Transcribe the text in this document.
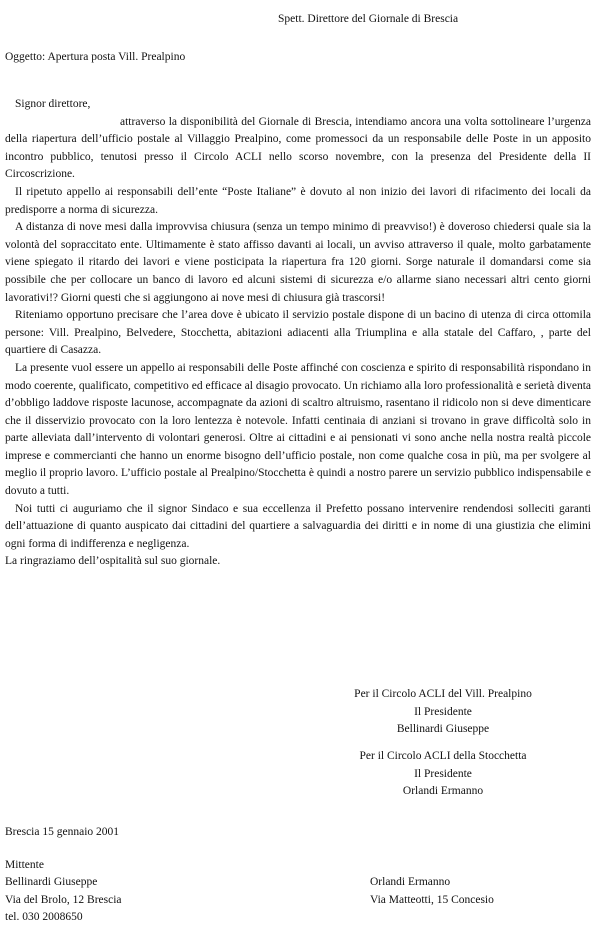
Spett. Direttore del Giornale di Brescia
Oggetto: Apertura posta Vill. Prealpino

Signor direttore,

attraverso la disponibilità del Giornale di Brescia, intendiamo ancora una volta sottolineare l’urgenza della riapertura dell’ufficio postale al Villaggio Prealpino, come promessoci da un responsabile delle Poste in un apposito incontro pubblico, tenutosi presso il Circolo ACLI nello scorso novembre, con la presenza del Presidente della II Circoscrizione.

Il ripetuto appello ai responsabili dell’ente “Poste Italiane” è dovuto al non inizio dei lavori di rifacimento dei locali da predisporre a norma di sicurezza.

A distanza di nove mesi dalla improvvisa chiusura (senza un tempo minimo di preavviso!) è doveroso chiedersi quale sia la volontà del sopraccitato ente. Ultimamente è stato affisso davanti ai locali, un avviso attraverso il quale, molto garbatamente viene spiegato il ritardo dei lavori e viene posticipata la riapertura fra 120 giorni. Sorge naturale il domandarsi come sia possibile che per collocare un banco di lavoro ed alcuni sistemi di sicurezza e/o allarme siano necessari altri cento giorni lavorativi!? Giorni questi che si aggiungono ai nove mesi di chiusura già trascorsi!

Riteniamo opportuno precisare che l’area dove è ubicato il servizio postale dispone di un bacino di utenza di circa ottomila persone: Vill. Prealpino, Belvedere, Stocchetta, abitazioni adiacenti alla Triumplina e alla statale del Caffaro, , parte del quartiere di Casazza.

La presente vuol essere un appello ai responsabili delle Poste affinché con coscienza e spirito di responsabilità rispondano in modo coerente, qualificato, competitivo ed efficace al disagio provocato. Un richiamo alla loro professionalità e serietà diventa d’obbligo laddove risposte lacunose, accompagnate da azioni di scaltro altruismo, rasentano il ridicolo non si deve dimenticare che il disservizio provocato con la loro lentezza è notevole. Infatti centinaia di anziani si trovano in grave difficoltà solo in parte alleviata dall’intervento di volontari generosi. Oltre ai cittadini e ai pensionati vi sono anche nella nostra realtà piccole imprese e commercianti che hanno un enorme bisogno dell’ufficio postale, non come qualche cosa in più, ma per svolgere al meglio il proprio lavoro. L’ufficio postale al Prealpino/Stocchetta è quindi a nostro parere un servizio pubblico indispensabile e dovuto a tutti.

Noi tutti ci auguriamo che il signor Sindaco e sua eccellenza il Prefetto possano intervenire rendendosi solleciti garanti dell’attuazione di quanto auspicato dai cittadini del quartiere a salvaguardia dei diritti e in nome di una giustizia che elimini ogni forma di indifferenza e negligenza.

La ringraziamo dell’ospitalità sul suo giornale.

Per il Circolo ACLI del Vill. Prealpino
Il Presidente
Bellinardi Giuseppe
Per il Circolo ACLI della Stocchetta
Il Presidente
Orlandi Ermanno
Brescia 15 gennaio 2001
Mittente
Bellinardi Giuseppe
Via del Brolo, 12 Brescia
tel. 030 2008650
Orlandi Ermanno
Via Matteotti, 15 Concesio
